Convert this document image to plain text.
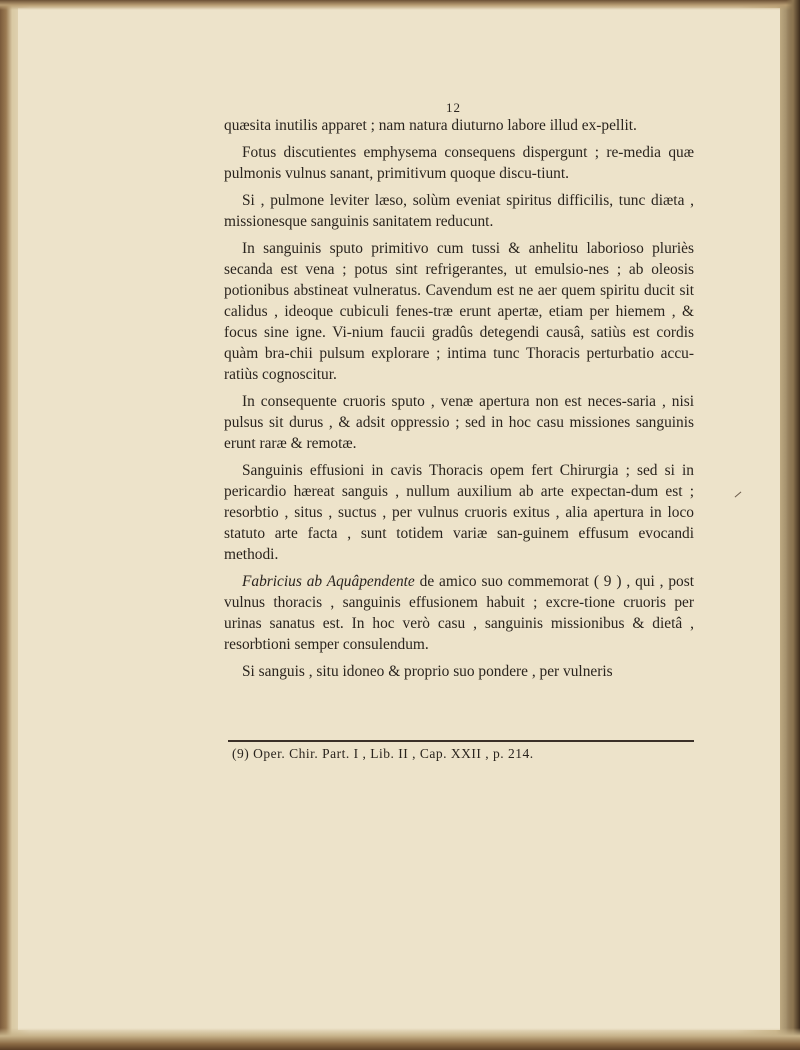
12

quæsita inutilis apparet ; nam natura diuturno labore illud ex-pellit.

Fotus discutientes emphysema consequens dispergunt ; re-media quæ pulmonis vulnus sanant, primitivum quoque discu-tiunt.

Si , pulmone leviter læso, solùm eveniat spiritus difficilis, tunc diæta , missionesque sanguinis sanitatem reducunt.

In sanguinis sputo primitivo cum tussi & anhelitu laborioso pluriès secanda est vena ; potus sint refrigerantes, ut emulsio-nes ; ab oleosis potionibus abstineat vulneratus. Cavendum est ne aer quem spiritu ducit sit calidus , ideoque cubiculi fenes-træ erunt apertæ, etiam per hiemem , & focus sine igne. Vi-nium faucii gradûs detegendi causâ, satiùs est cordis quàm bra-chii pulsum explorare ; intima tunc Thoracis perturbatio accu-ratiùs cognoscitur.

In consequente cruoris sputo , venæ apertura non est neces-saria , nisi pulsus sit durus , & adsit oppressio ; sed in hoc casu missiones sanguinis erunt raræ & remotæ.

Sanguinis effusioni in cavis Thoracis opem fert Chirurgia ; sed si in pericardio hæreat sanguis , nullum auxilium ab arte expectan-dum est ; resorbtio , situs , suctus , per vulnus cruoris exitus , alia apertura in loco statuto arte facta , sunt totidem variæ san-guinem effusum evocandi methodi.

Fabricius ab Aquâpendente de amico suo commemorat ( 9 ) , qui , post vulnus thoracis , sanguinis effusionem habuit ; excre-tione cruoris per urinas sanatus est. In hoc verò casu , sanguinis missionibus & dietâ , resorbtioni semper consulendum.

Si sanguis , situ idoneo & proprio suo pondere , per vulneris

(9) Oper. Chir. Part. I , Lib. II , Cap. XXII , p. 214.
